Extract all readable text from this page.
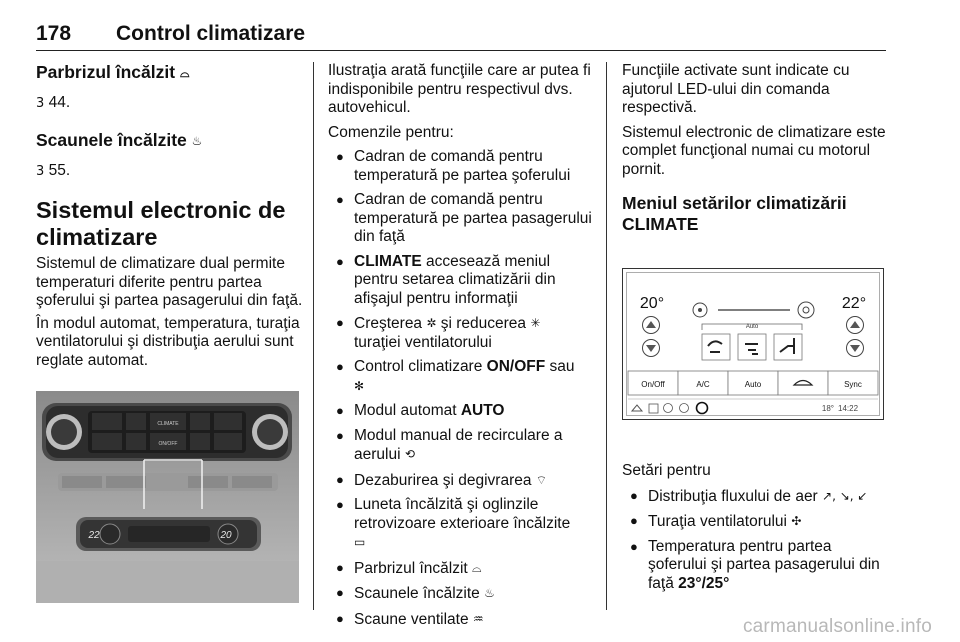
178 Control climatizare
Parbrizul încălzit ⌓
3 44.
Scaunele încălzite ♨
3 55.
Sistemul electronic de climatizare

Sistemul de climatizare dual permite temperaturi diferite pentru partea şoferului şi partea pasagerului din faţă.

În modul automat, temperatura, turaţia ventilatorului şi distribuţia aerului sunt reglate automat.

CLIMATE
ON/OFF
22	20

Ilustraţia arată funcţiile care ar putea fi indisponibile pentru respectivul dvs. autovehicul.

Comenzile pentru:

● Cadran de comandă pentru temperatură pe partea şoferului
● Cadran de comandă pentru temperatură pe partea pasagerului din faţă
● CLIMATE accesează meniul pentru setarea climatizării din afişajul pentru informaţii
● Creşterea ✲ şi reducerea ✳
turaţiei ventilatorului
● Control climatizare ON/OFF sau
✻
● Modul automat AUTO
● Modul manual de recirculare a aerului ⟲
● Dezaburirea şi degivrarea ⌔
● Luneta încălzită şi oglinzile retrovizoare exterioare încălzite
▭
● Parbrizul încălzit ⌓
● Scaunele încălzite ♨
● Scaune ventilate ♒

Funcţiile activate sunt indicate cu ajutorul LED-ului din comanda respectivă.

Sistemul electronic de climatizare este complet funcţional numai cu motorul pornit.

Meniul setărilor climatizării CLIMATE
20°	22°
Auto
On/Off	A/C	Auto	Sync
18° 14:22

Setări pentru

● Distribuţia fluxului de aer ↗, ↘, ↙
● Turaţia ventilatorului ✣
● Temperatura pentru partea şoferului şi partea pasagerului din faţă 23°/25°
carmanualsonline.info
